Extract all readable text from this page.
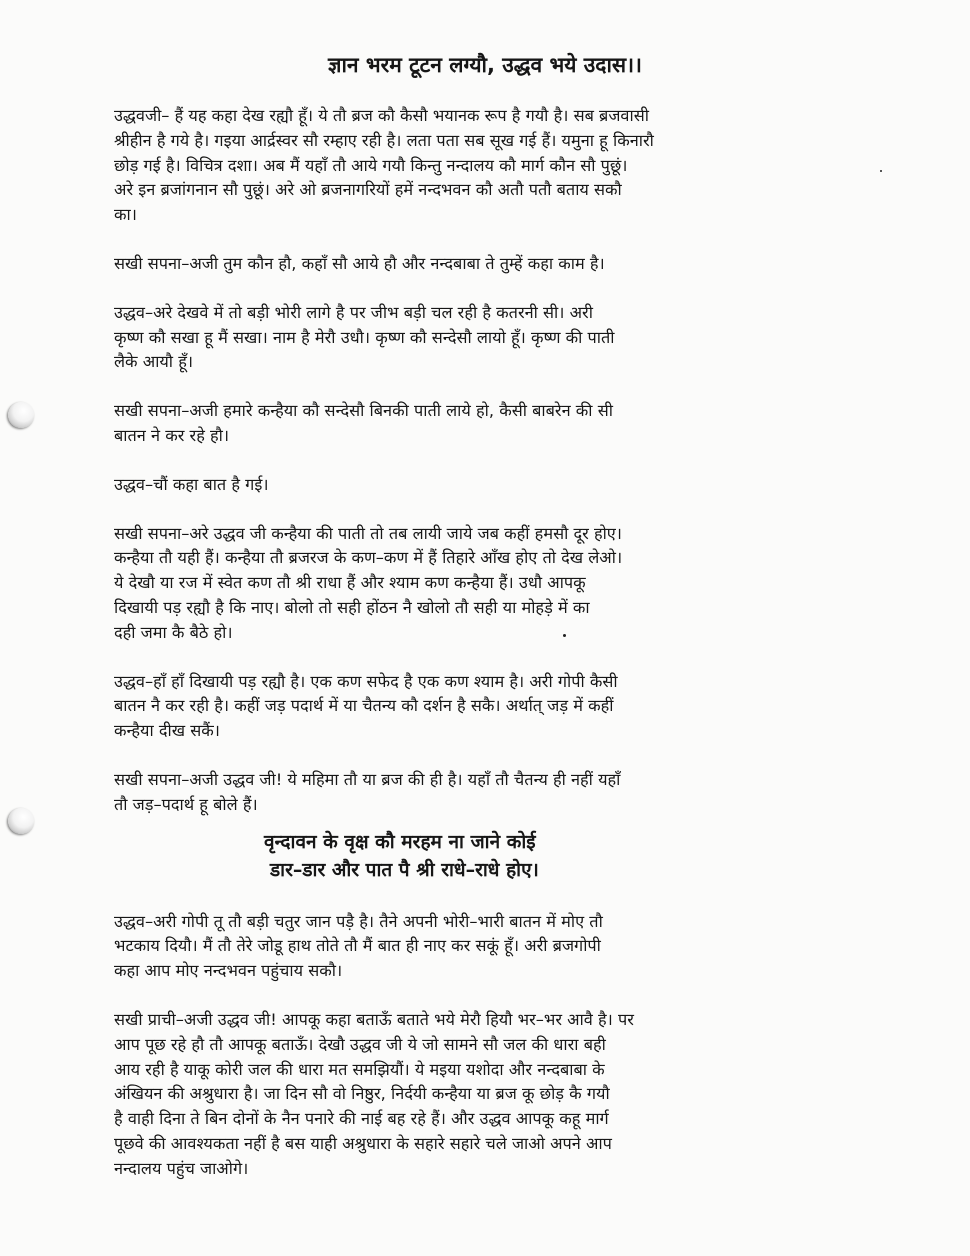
ज्ञान भरम टूटन लग्यौ, उद्धव भये उदास।।
उद्धवजी– हैं यह कहा देख रह्यौ हूँ। ये तौ ब्रज कौ कैसौ भयानक रूप है गयौ है। सब ब्रजवासी
श्रीहीन है गये है। गइया आर्द्रस्वर सौ रम्हाए रही है। लता पता सब सूख गई हैं। यमुना हू किनारौ
छोड़ गई है। विचित्र दशा। अब मैं यहाँ तौ आये गयौ किन्तु नन्दालय कौ मार्ग कौन सौ पुछूं।
अरे इन ब्रजांगनान सौ पुछूं। अरे ओ ब्रजनागरियों हमें नन्दभवन कौ अतौ पतौ बताय सकौ
का।
सखी सपना–अजी तुम कौन हौ, कहाँ सौ आये हौ और नन्दबाबा ते तुम्हें कहा काम है।
उद्धव–अरे देखवे में तो बड़ी भोरी लागे है पर जीभ बड़ी चल रही है कतरनी सी। अरी
कृष्ण कौ सखा हू मैं सखा। नाम है मेरौ उधौ। कृष्ण कौ सन्देसौ लायो हूँ। कृष्ण की पाती
लैके आयौ हूँ।
सखी सपना–अजी हमारे कन्हैया कौ सन्देसौ बिनकी पाती लाये हो, कैसी बाबरेन की सी
बातन ने कर रहे हौ।
उद्धव–चौं कहा बात है गई।
सखी सपना–अरे उद्धव जी कन्हैया की पाती तो तब लायी जाये जब कहीं हमसौ दूर होए।
कन्हैया तौ यही हैं। कन्हैया तौ ब्रजरज के कण–कण में हैं तिहारे आँख होए तो देख लेओ।
ये देखौ या रज में स्वेत कण तौ श्री राधा हैं और श्याम कण कन्हैया हैं। उधौ आपकू
दिखायी पड़ रह्यौ है कि नाए। बोलो तो सही होंठन नै खोलो तौ सही या मोहड़े में का
दही जमा कै बैठे हो।
उद्धव–हाँ हाँ दिखायी पड़ रह्यौ है। एक कण सफेद है एक कण श्याम है। अरी गोपी कैसी
बातन नै कर रही है। कहीं जड़ पदार्थ में या चैतन्य कौ दर्शन है सकै। अर्थात् जड़ में कहीं
कन्हैया दीख सकैं।
सखी सपना–अजी उद्धव जी! ये महिमा तौ या ब्रज की ही है। यहाँ तौ चैतन्य ही नहीं यहाँ
तौ जड़–पदार्थ हू बोले हैं।
वृन्दावन के वृक्ष कौ मरहम ना जाने कोई
डार–डार और पात पै श्री राधे–राधे होए।
उद्धव–अरी गोपी तू तौ बड़ी चतुर जान पड़ै है। तैने अपनी भोरी–भारी बातन में मोए तौ
भटकाय दियौ। मैं तौ तेरे जोडू हाथ तोते तौ मैं बात ही नाए कर सकूं हूँ। अरी ब्रजगोपी
कहा आप मोए नन्दभवन पहुंचाय सकौ।
सखी प्राची–अजी उद्धव जी! आपकू कहा बताऊँ बताते भये मेरौ हियौ भर–भर आवै है। पर
आप पूछ रहे हौ तौ आपकू बताऊँ। देखौ उद्धव जी ये जो सामने सौ जल की धारा बही
आय रही है याकू कोरी जल की धारा मत समझियौं। ये मइया यशोदा और नन्दबाबा के
अंखियन की अश्रुधारा है। जा दिन सौ वो निष्ठुर, निर्दयी कन्हैया या ब्रज कू छोड़ कै गयौ
है वाही दिना ते बिन दोनों के नैन पनारे की नाई बह रहे हैं। और उद्धव आपकू कहू मार्ग
पूछवे की आवश्यकता नहीं है बस याही अश्रुधारा के सहारे सहारे चले जाओ अपने आप
नन्दालय पहुंच जाओगे।
